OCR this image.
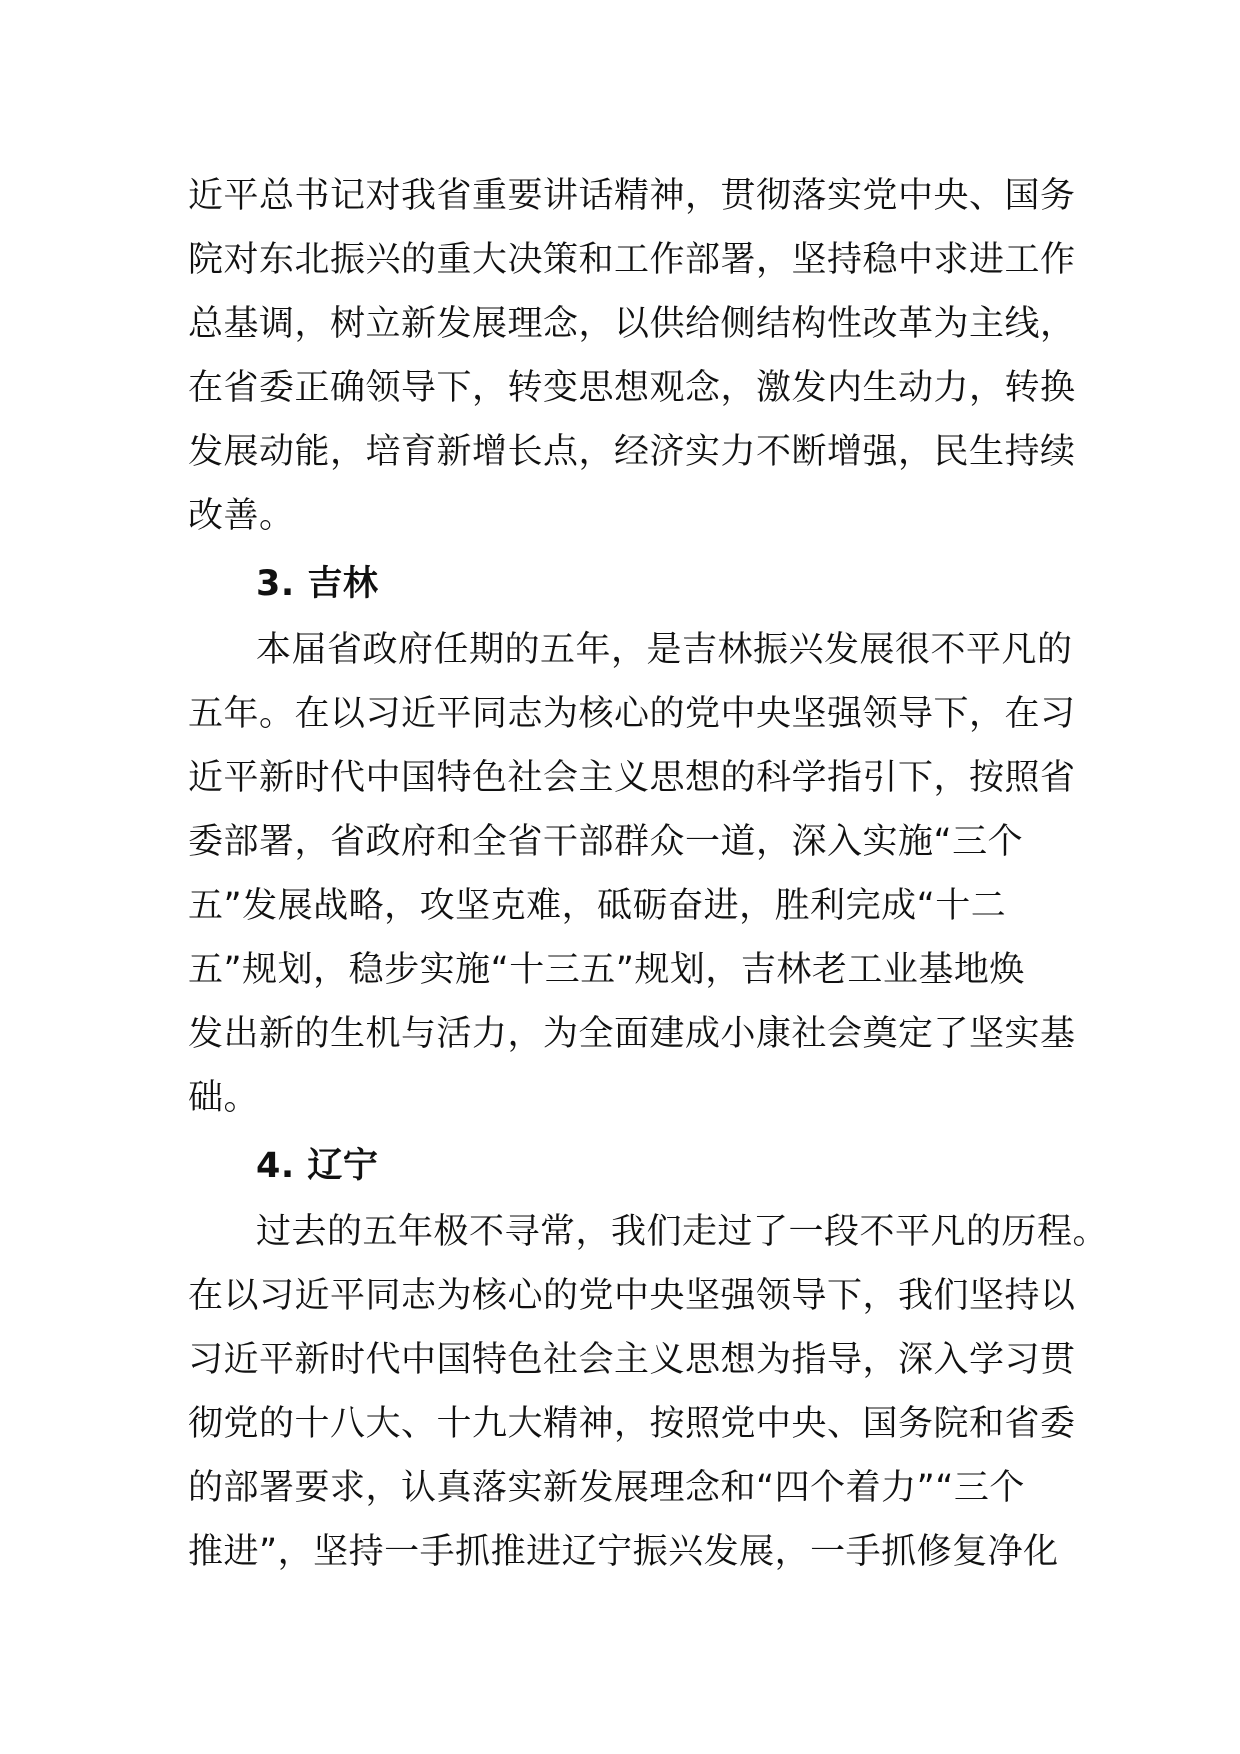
近平总书记对我省重要讲话精神，贯彻落实党中央、国务
院对东北振兴的重大决策和工作部署，坚持稳中求进工作
总基调，树立新发展理念，以供给侧结构性改革为主线，
在省委正确领导下，转变思想观念，激发内生动力，转换
发展动能，培育新增长点，经济实力不断增强，民生持续
改善。
3. 吉林
本届省政府任期的五年，是吉林振兴发展很不平凡的
五年。在以习近平同志为核心的党中央坚强领导下，在习
近平新时代中国特色社会主义思想的科学指引下，按照省
委部署，省政府和全省干部群众一道，深入实施“三个
五”发展战略，攻坚克难，砥砺奋进，胜利完成“十二
五”规划，稳步实施“十三五”规划，吉林老工业基地焕
发出新的生机与活力，为全面建成小康社会奠定了坚实基
础。
4. 辽宁
过去的五年极不寻常，我们走过了一段不平凡的历程。
在以习近平同志为核心的党中央坚强领导下，我们坚持以
习近平新时代中国特色社会主义思想为指导，深入学习贯
彻党的十八大、十九大精神，按照党中央、国务院和省委
的部署要求，认真落实新发展理念和“四个着力”“三个
推进”，坚持一手抓推进辽宁振兴发展，一手抓修复净化
